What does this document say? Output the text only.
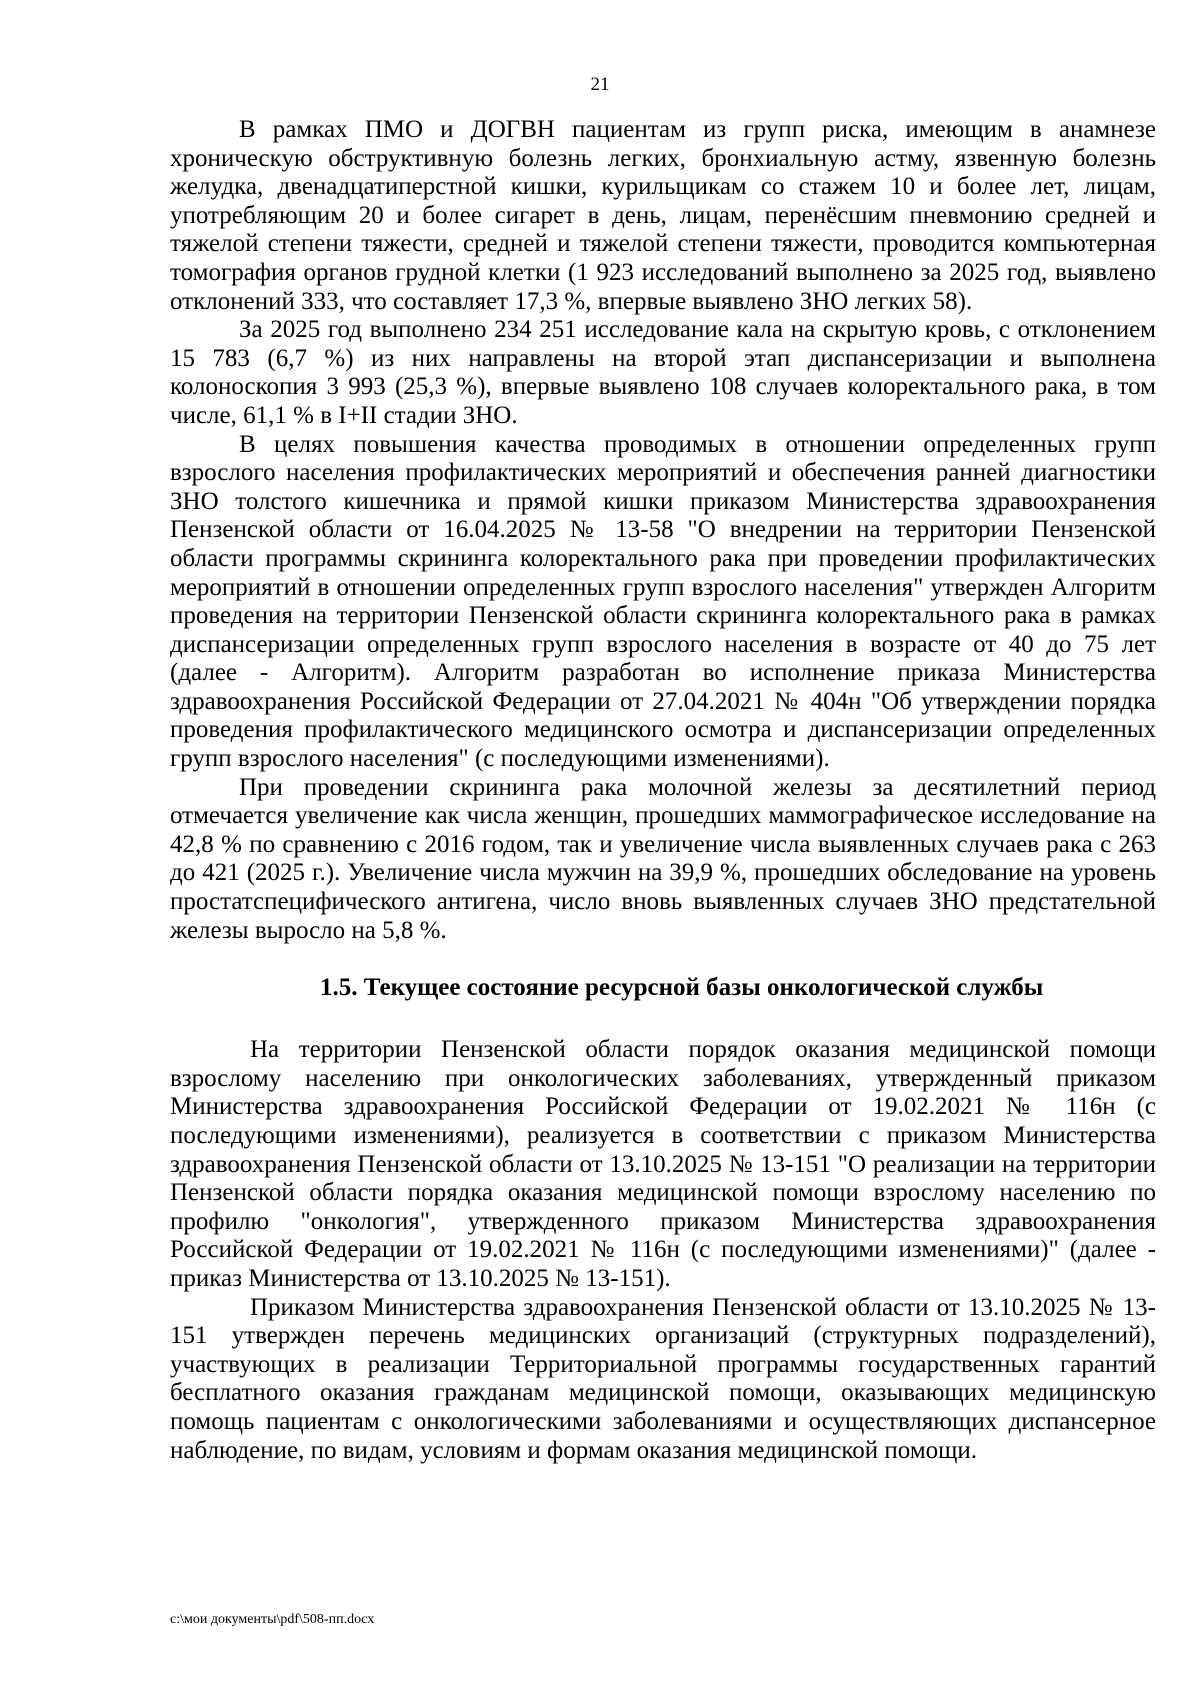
21

В рамках ПМО и ДОГВН пациентам из групп риска, имеющим в анамнезе хроническую обструктивную болезнь легких, бронхиальную астму, язвенную болезнь желудка, двенадцатиперстной кишки, курильщикам со стажем 10 и более лет, лицам, употребляющим 20 и более сигарет в день, лицам, перенёсшим пневмонию средней и тяжелой степени тяжести, средней и тяжелой степени тяжести, проводится компьютерная томография органов грудной клетки (1 923 исследований выполнено за 2025 год, выявлено отклонений 333, что составляет 17,3 %, впервые выявлено ЗНО легких 58).

За 2025 год выполнено 234 251 исследование кала на скрытую кровь, с отклонением 15 783 (6,7 %) из них направлены на второй этап диспансеризации и выполнена колоноскопия 3 993 (25,3 %), впервые выявлено 108 случаев колоректального рака, в том числе, 61,1 % в I+II стадии ЗНО.

В целях повышения качества проводимых в отношении определенных групп взрослого населения профилактических мероприятий и обеспечения ранней диагностики ЗНО толстого кишечника и прямой кишки приказом Министерства здравоохранения Пензенской области от 16.04.2025 № 13-58 "О внедрении на территории Пензенской области программы скрининга колоректального рака при проведении профилактических мероприятий в отношении определенных групп взрослого населения" утвержден Алгоритм проведения на территории Пензенской области скрининга колоректального рака в рамках диспансеризации определенных групп взрослого населения в возрасте от 40 до 75 лет (далее - Алгоритм). Алгоритм разработан во исполнение приказа Министерства здравоохранения Российской Федерации от 27.04.2021 № 404н "Об утверждении порядка проведения профилактического медицинского осмотра и диспансеризации определенных групп взрослого населения" (с последующими изменениями).

При проведении скрининга рака молочной железы за десятилетний период отмечается увеличение как числа женщин, прошедших маммографическое исследование на 42,8 % по сравнению с 2016 годом, так и увеличение числа выявленных случаев рака с 263 до 421 (2025 г.). Увеличение числа мужчин на 39,9 %, прошедших обследование на уровень простатспецифического антигена, число вновь выявленных случаев ЗНО предстательной железы выросло на 5,8 %.

1.5. Текущее состояние ресурсной базы онкологической службы

На территории Пензенской области порядок оказания медицинской помощи взрослому населению при онкологических заболеваниях, утвержденный приказом Министерства здравоохранения Российской Федерации от 19.02.2021 № 116н (с последующими изменениями), реализуется в соответствии с приказом Министерства здравоохранения Пензенской области от 13.10.2025 № 13-151 "О реализации на территории Пензенской области порядка оказания медицинской помощи взрослому населению по профилю "онкология", утвержденного приказом Министерства здравоохранения Российской Федерации от 19.02.2021 № 116н (с последующими изменениями)" (далее - приказ Министерства от 13.10.2025 № 13-151).

Приказом Министерства здравоохранения Пензенской области от 13.10.2025 № 13-151 утвержден перечень медицинских организаций (структурных подразделений), участвующих в реализации Территориальной программы государственных гарантий бесплатного оказания гражданам медицинской помощи, оказывающих медицинскую помощь пациентам с онкологическими заболеваниями и осуществляющих диспансерное наблюдение, по видам, условиям и формам оказания медицинской помощи.

c:\мои документы\pdf\508-пп.docx
